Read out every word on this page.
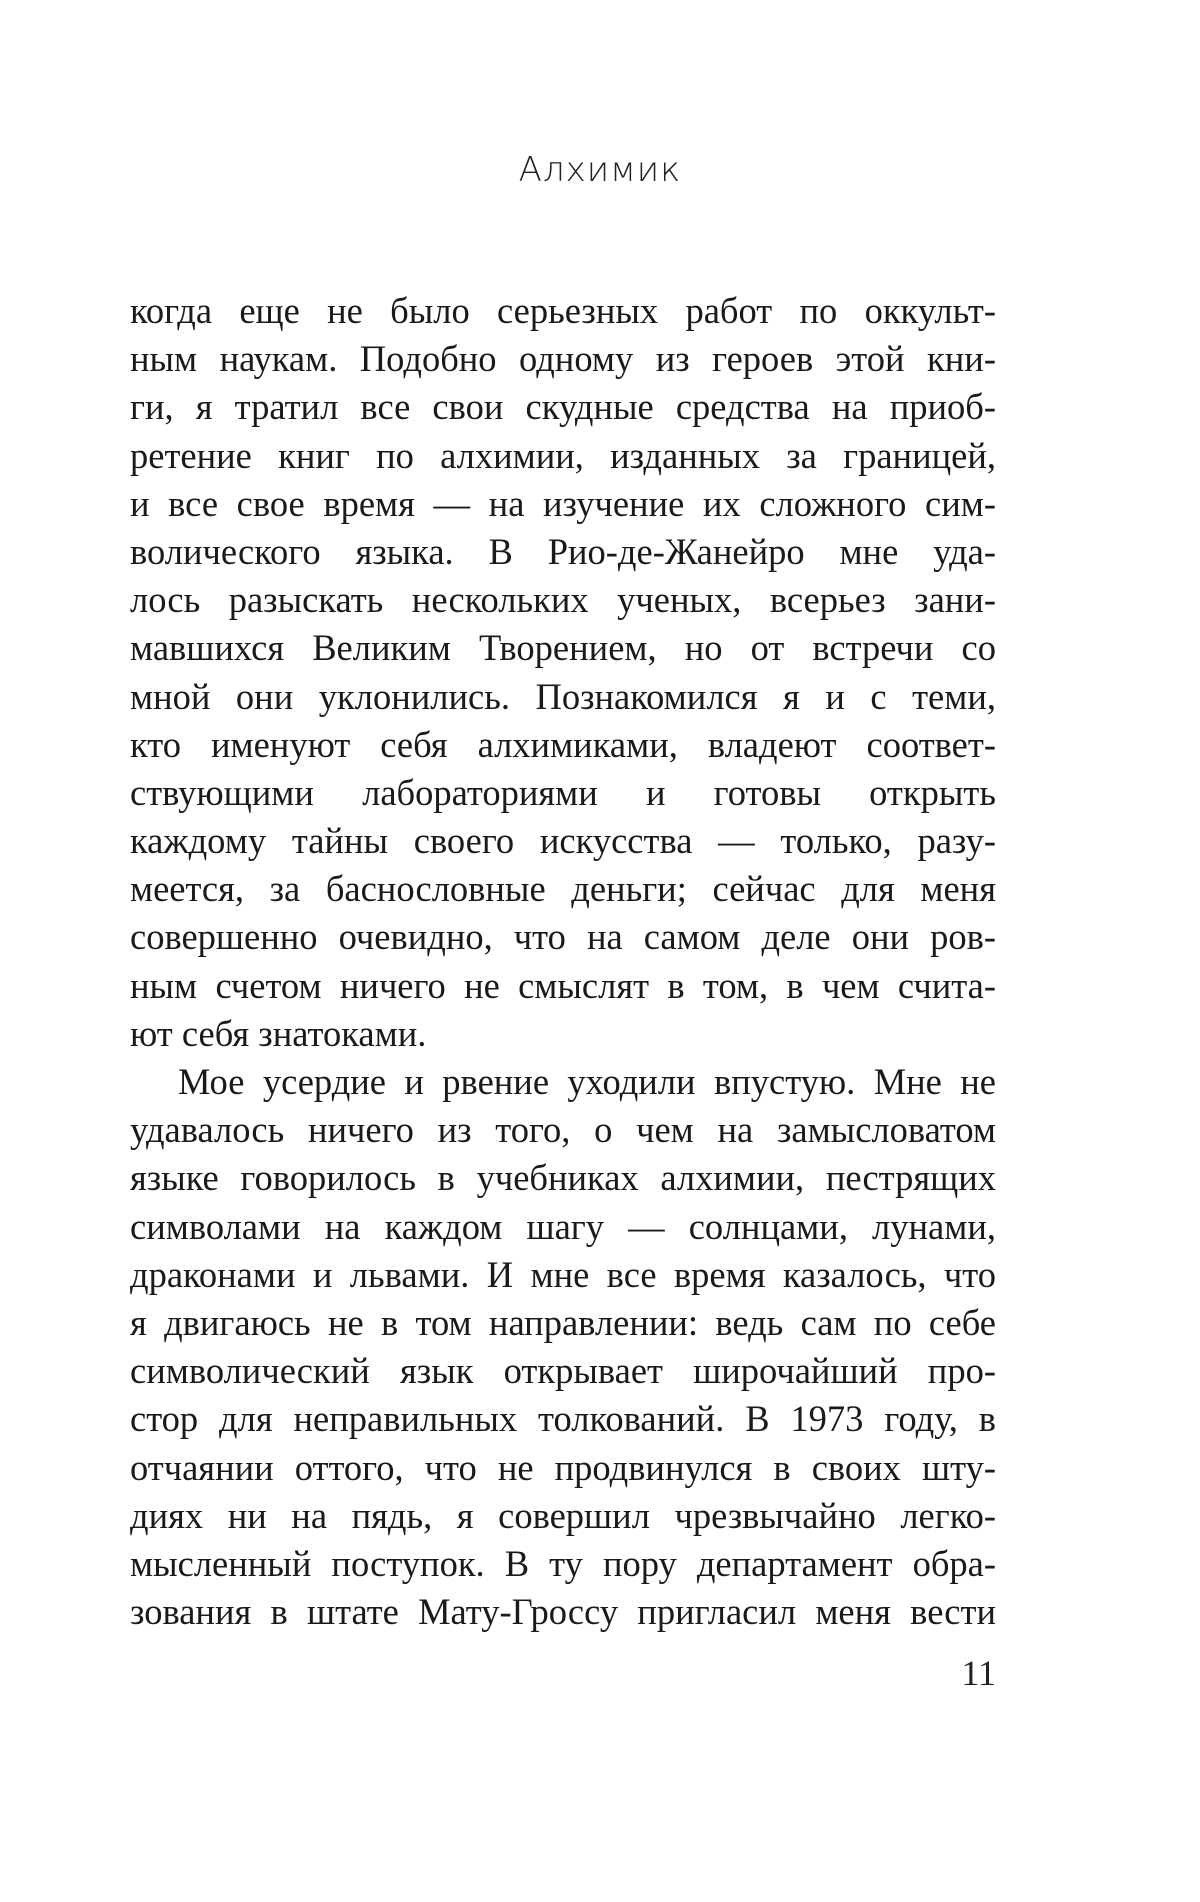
Алхимик
когда еще не было серьезных работ по оккульт-
ным наукам. Подобно одному из героев этой кни-
ги, я тратил все свои скудные средства на приоб-
ретение книг по алхимии, изданных за границей,
и все свое время — на изучение их сложного сим-
волического языка. В Рио-де-Жанейро мне уда-
лось разыскать нескольких ученых, всерьез зани-
мавшихся Великим Творением, но от встречи со
мной они уклонились. Познакомился я и с теми,
кто именуют себя алхимиками, владеют соответ-
ствующими лабораториями и готовы открыть
каждому тайны своего искусства — только, разу-
меется, за баснословные деньги; сейчас для меня
совершенно очевидно, что на самом деле они ров-
ным счетом ничего не смыслят в том, в чем счита-
ют себя знатоками.
Мое усердие и рвение уходили впустую. Мне не
удавалось ничего из того, о чем на замысловатом
языке говорилось в учебниках алхимии, пестрящих
символами на каждом шагу — солнцами, лунами,
драконами и львами. И мне все время казалось, что
я двигаюсь не в том направлении: ведь сам по себе
символический язык открывает широчайший про-
стор для неправильных толкований. В 1973 году, в
отчаянии оттого, что не продвинулся в своих шту-
диях ни на пядь, я совершил чрезвычайно легко-
мысленный поступок. В ту пору департамент обра-
зования в штате Мату-Гроссу пригласил меня вести
11
